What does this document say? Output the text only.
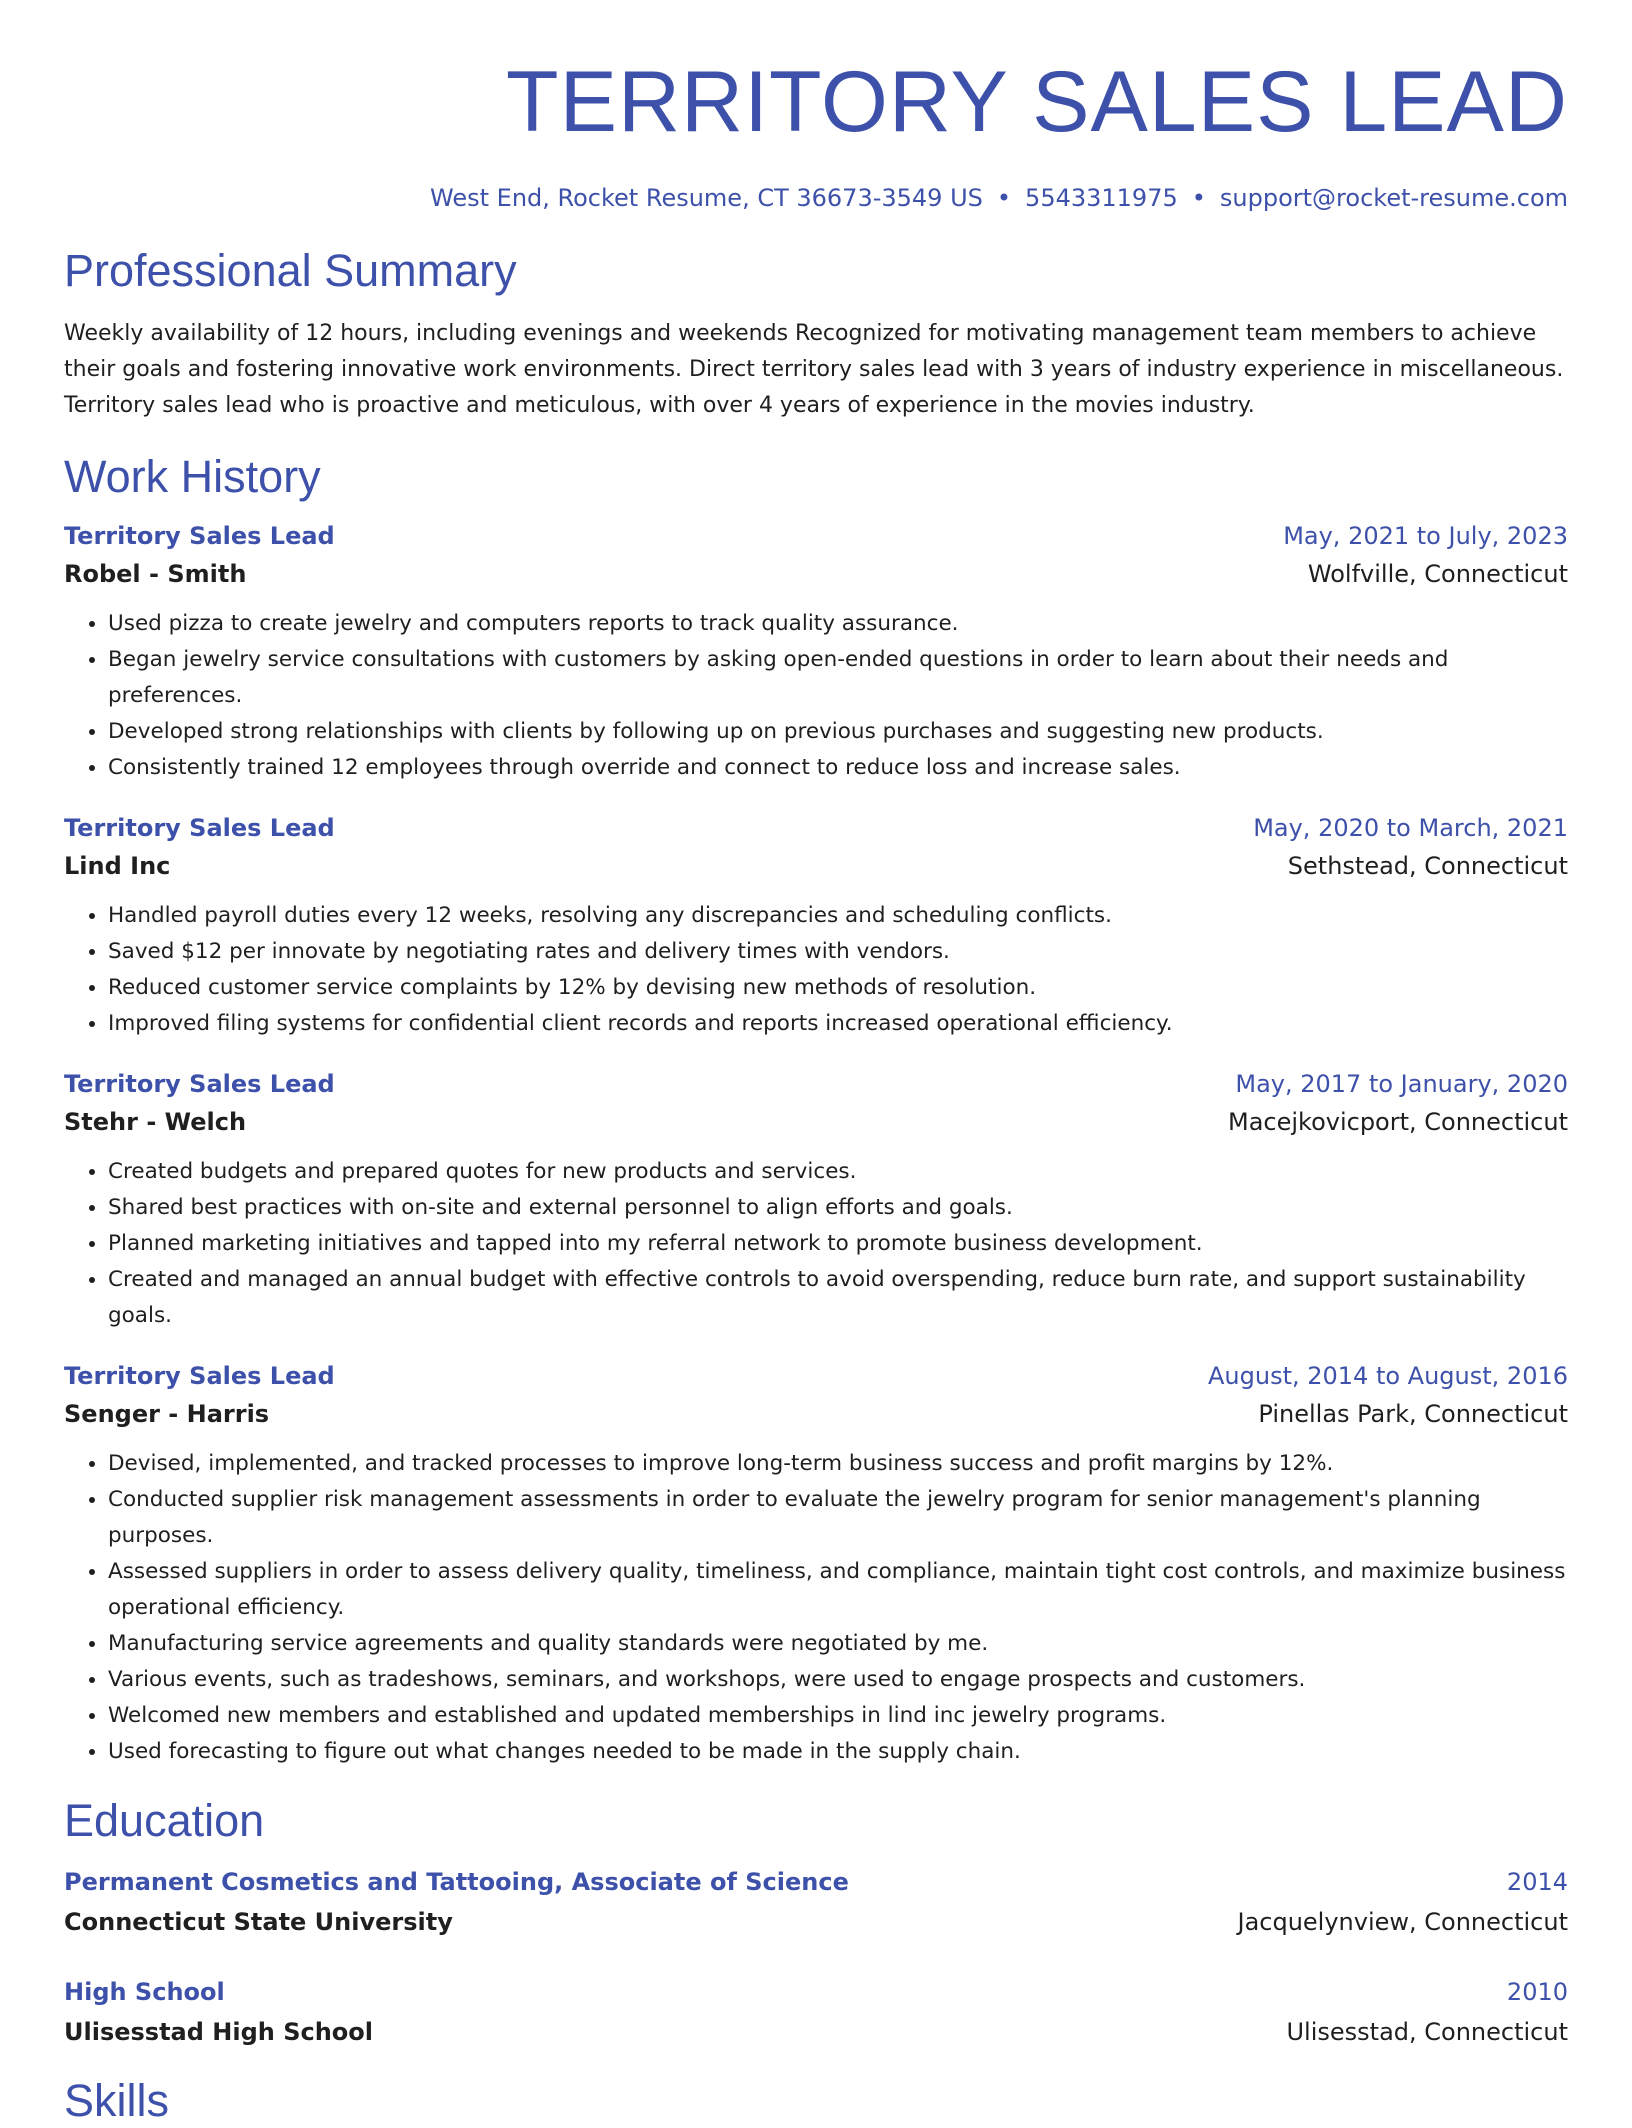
TERRITORY SALES LEAD
West End, Rocket Resume, CT 36673-3549 US • 5543311975 • support@rocket-resume.com
Professional Summary

Weekly availability of 12 hours, including evenings and weekends Recognized for motivating management team members to achieve their goals and fostering innovative work environments. Direct territory sales lead with 3 years of industry experience in miscellaneous. Territory sales lead who is proactive and meticulous, with over 4 years of experience in the movies industry.

Work History
Territory Sales Lead	May, 2021 to July, 2023
Robel - Smith	Wolfville, Connecticut
• Used pizza to create jewelry and computers reports to track quality assurance.
• Began jewelry service consultations with customers by asking open-ended questions in order to learn about their needs and preferences.
• Developed strong relationships with clients by following up on previous purchases and suggesting new products.
• Consistently trained 12 employees through override and connect to reduce loss and increase sales.
Territory Sales Lead	May, 2020 to March, 2021
Lind Inc	Sethstead, Connecticut
• Handled payroll duties every 12 weeks, resolving any discrepancies and scheduling conflicts.
• Saved $12 per innovate by negotiating rates and delivery times with vendors.
• Reduced customer service complaints by 12% by devising new methods of resolution.
• Improved filing systems for confidential client records and reports increased operational efficiency.
Territory Sales Lead	May, 2017 to January, 2020
Stehr - Welch	Macejkovicport, Connecticut
• Created budgets and prepared quotes for new products and services.
• Shared best practices with on-site and external personnel to align efforts and goals.
• Planned marketing initiatives and tapped into my referral network to promote business development.
• Created and managed an annual budget with effective controls to avoid overspending, reduce burn rate, and support sustainability goals.
Territory Sales Lead	August, 2014 to August, 2016
Senger - Harris	Pinellas Park, Connecticut
• Devised, implemented, and tracked processes to improve long-term business success and profit margins by 12%.
• Conducted supplier risk management assessments in order to evaluate the jewelry program for senior management's planning purposes.
• Assessed suppliers in order to assess delivery quality, timeliness, and compliance, maintain tight cost controls, and maximize business operational efficiency.
• Manufacturing service agreements and quality standards were negotiated by me.
• Various events, such as tradeshows, seminars, and workshops, were used to engage prospects and customers.
• Welcomed new members and established and updated memberships in lind inc jewelry programs.
• Used forecasting to figure out what changes needed to be made in the supply chain.
Education
Permanent Cosmetics and Tattooing, Associate of Science	2014
Connecticut State University	Jacquelynview, Connecticut
High School	2010
Ulisesstad High School	Ulisesstad, Connecticut
Skills
